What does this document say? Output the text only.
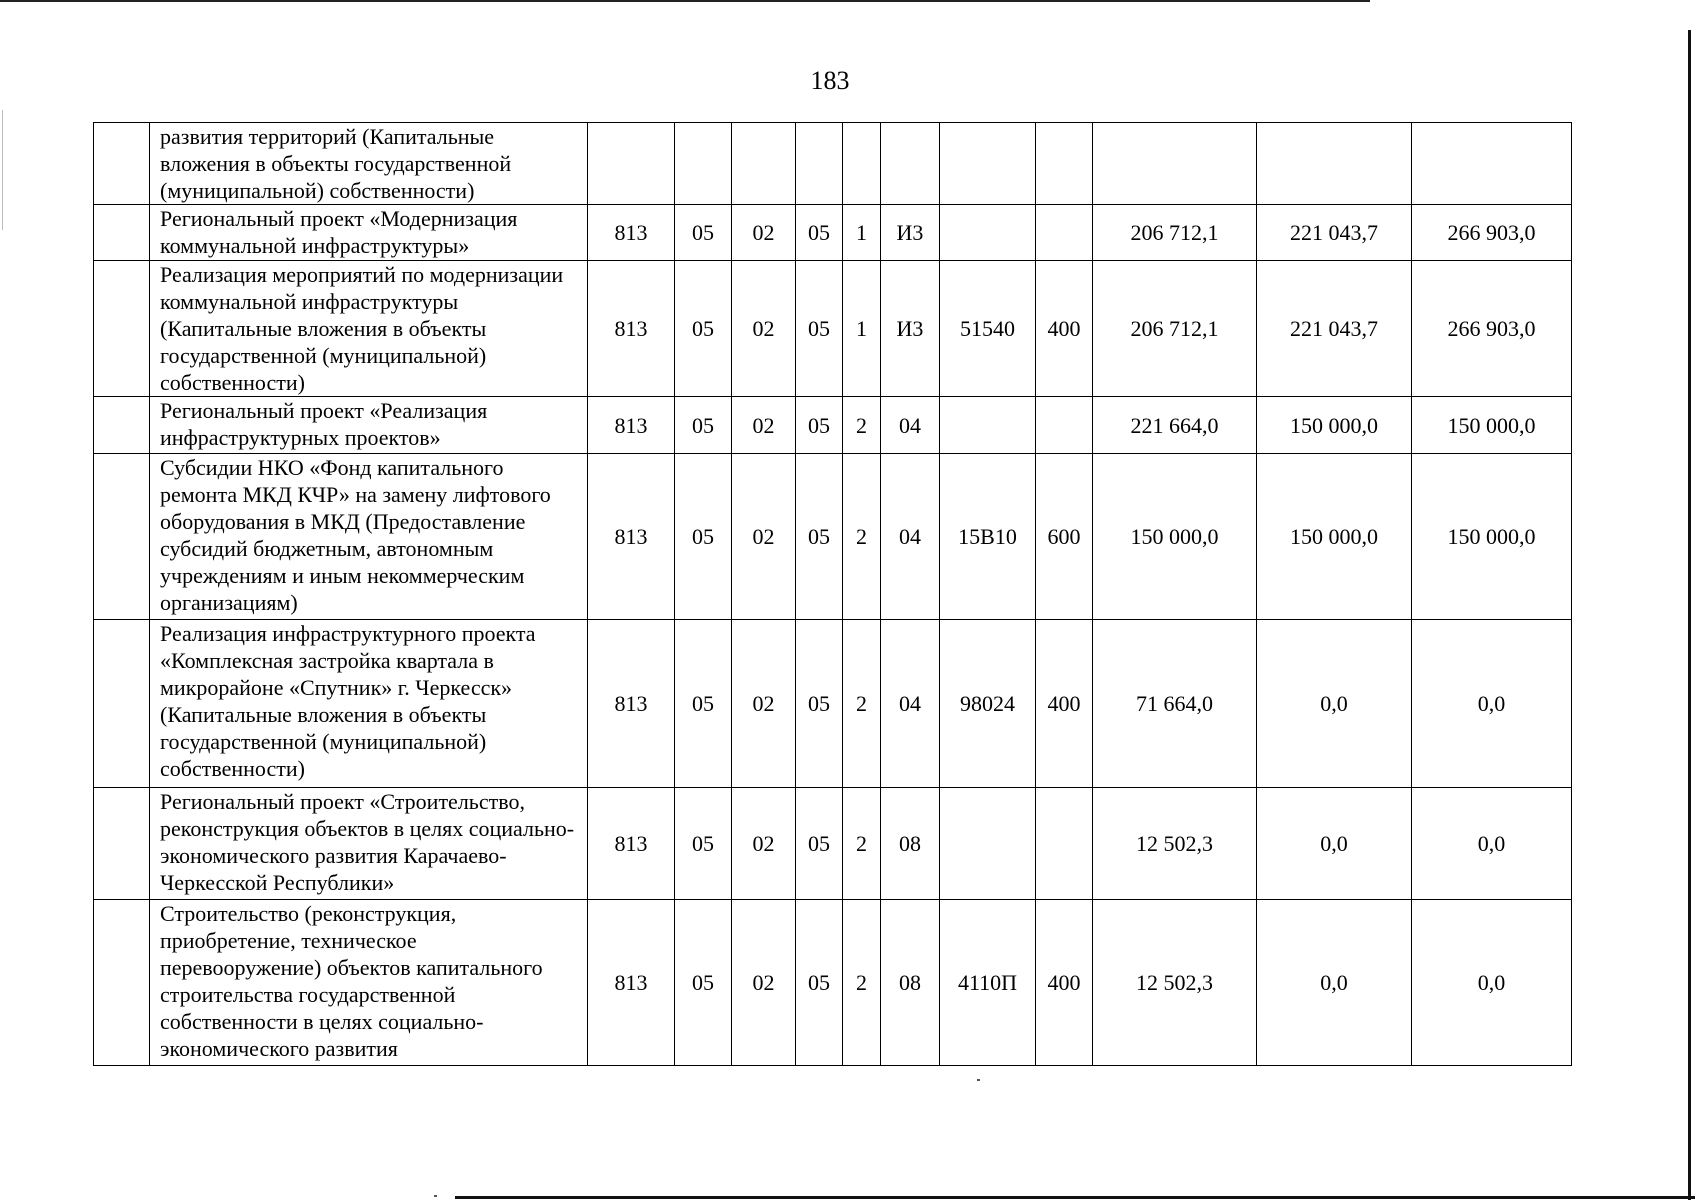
183
	развития территорий (Капитальные вложения в объекты государственной (муниципальной) собственности)											
	Региональный проект «Модернизация коммунальной инфраструктуры»	813	05	02	05	1	И3			206 712,1	221 043,7	266 903,0
	Реализация мероприятий по модернизации коммунальной инфраструктуры (Капитальные вложения в объекты государственной (муниципальной) собственности)	813	05	02	05	1	И3	51540	400	206 712,1	221 043,7	266 903,0
	Региональный проект «Реализация инфраструктурных проектов»	813	05	02	05	2	04			221 664,0	150 000,0	150 000,0
	Субсидии НКО «Фонд капитального ремонта МКД КЧР» на замену лифтового оборудования в МКД (Предоставление субсидий бюджетным, автономным учреждениям и иным некоммерческим организациям)	813	05	02	05	2	04	15B10	600	150 000,0	150 000,0	150 000,0
	Реализация инфраструктурного проекта «Комплексная застройка квартала в микрорайоне «Спутник» г. Черкесск» (Капитальные вложения в объекты государственной (муниципальной) собственности)	813	05	02	05	2	04	98024	400	71 664,0	0,0	0,0
	Региональный проект «Строительство, реконструкция объектов в целях социально-экономического развития Карачаево-Черкесской Республики»	813	05	02	05	2	08			12 502,3	0,0	0,0
	Строительство (реконструкция, приобретение, техническое перевооружение) объектов капитального строительства государственной собственности в целях социально-экономического развития	813	05	02	05	2	08	4110П	400	12 502,3	0,0	0,0
